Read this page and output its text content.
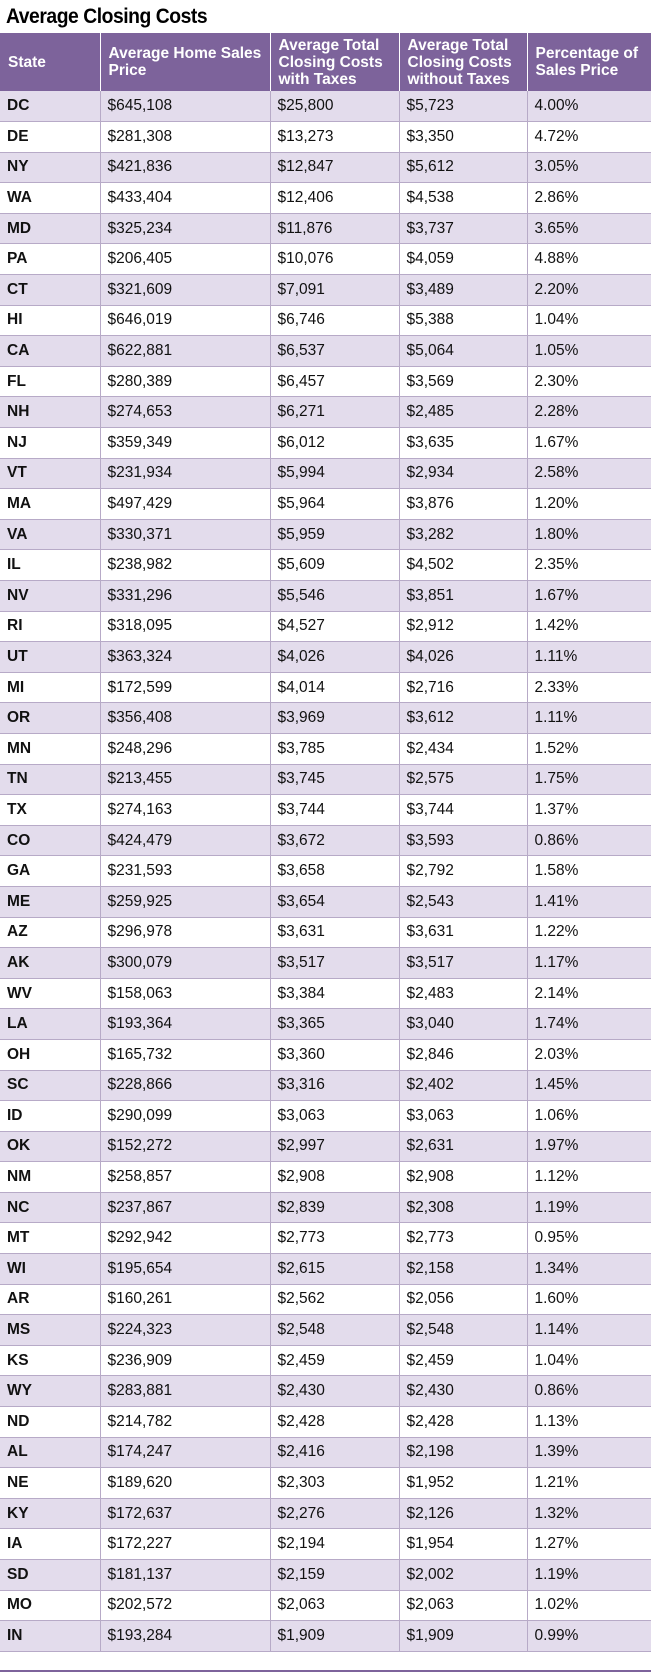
Average Closing Costs
State	Average Home Sales Price	Average Total Closing Costs with Taxes	Average Total Closing Costs without Taxes	Percentage of Sales Price
DC	$645,108	$25,800	$5,723	4.00%
DE	$281,308	$13,273	$3,350	4.72%
NY	$421,836	$12,847	$5,612	3.05%
WA	$433,404	$12,406	$4,538	2.86%
MD	$325,234	$11,876	$3,737	3.65%
PA	$206,405	$10,076	$4,059	4.88%
CT	$321,609	$7,091	$3,489	2.20%
HI	$646,019	$6,746	$5,388	1.04%
CA	$622,881	$6,537	$5,064	1.05%
FL	$280,389	$6,457	$3,569	2.30%
NH	$274,653	$6,271	$2,485	2.28%
NJ	$359,349	$6,012	$3,635	1.67%
VT	$231,934	$5,994	$2,934	2.58%
MA	$497,429	$5,964	$3,876	1.20%
VA	$330,371	$5,959	$3,282	1.80%
IL	$238,982	$5,609	$4,502	2.35%
NV	$331,296	$5,546	$3,851	1.67%
RI	$318,095	$4,527	$2,912	1.42%
UT	$363,324	$4,026	$4,026	1.11%
MI	$172,599	$4,014	$2,716	2.33%
OR	$356,408	$3,969	$3,612	1.11%
MN	$248,296	$3,785	$2,434	1.52%
TN	$213,455	$3,745	$2,575	1.75%
TX	$274,163	$3,744	$3,744	1.37%
CO	$424,479	$3,672	$3,593	0.86%
GA	$231,593	$3,658	$2,792	1.58%
ME	$259,925	$3,654	$2,543	1.41%
AZ	$296,978	$3,631	$3,631	1.22%
AK	$300,079	$3,517	$3,517	1.17%
WV	$158,063	$3,384	$2,483	2.14%
LA	$193,364	$3,365	$3,040	1.74%
OH	$165,732	$3,360	$2,846	2.03%
SC	$228,866	$3,316	$2,402	1.45%
ID	$290,099	$3,063	$3,063	1.06%
OK	$152,272	$2,997	$2,631	1.97%
NM	$258,857	$2,908	$2,908	1.12%
NC	$237,867	$2,839	$2,308	1.19%
MT	$292,942	$2,773	$2,773	0.95%
WI	$195,654	$2,615	$2,158	1.34%
AR	$160,261	$2,562	$2,056	1.60%
MS	$224,323	$2,548	$2,548	1.14%
KS	$236,909	$2,459	$2,459	1.04%
WY	$283,881	$2,430	$2,430	0.86%
ND	$214,782	$2,428	$2,428	1.13%
AL	$174,247	$2,416	$2,198	1.39%
NE	$189,620	$2,303	$1,952	1.21%
KY	$172,637	$2,276	$2,126	1.32%
IA	$172,227	$2,194	$1,954	1.27%
SD	$181,137	$2,159	$2,002	1.19%
MO	$202,572	$2,063	$2,063	1.02%
IN	$193,284	$1,909	$1,909	0.99%
